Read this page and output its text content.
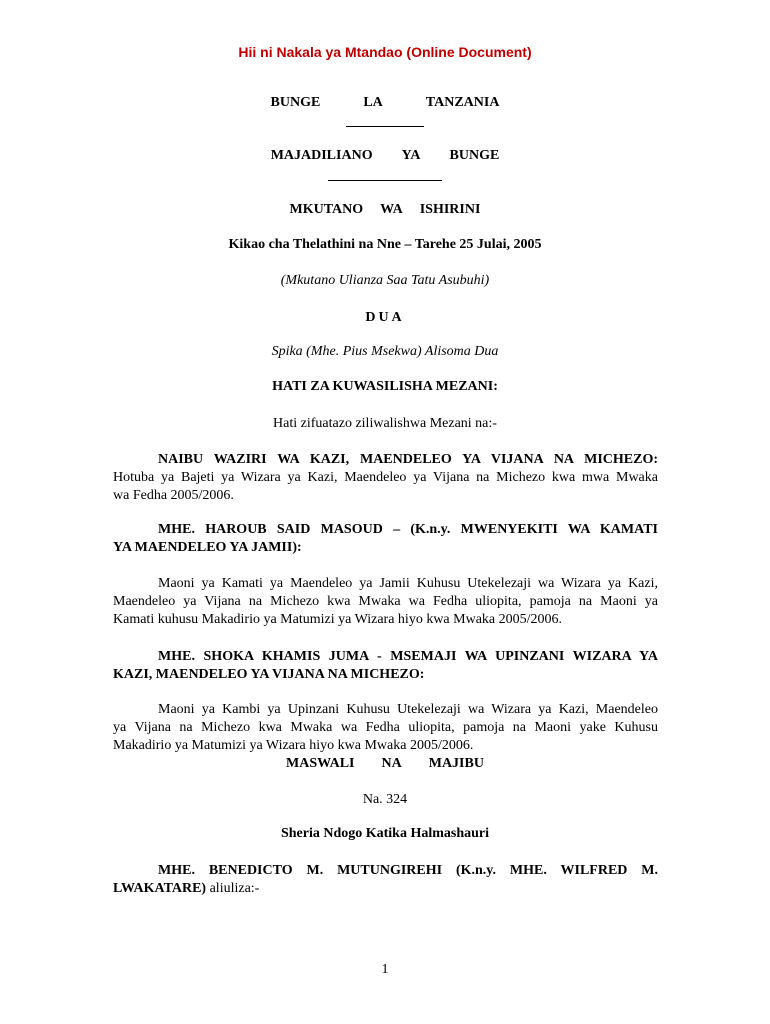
Hii ni Nakala ya Mtandao (Online Document)
BUNGE	LA	TANZANIA
MAJADILIANO YA BUNGE
MKUTANO WA ISHIRINI
Kikao cha Thelathini na Nne – Tarehe 25 Julai, 2005
(Mkutano Ulianza Saa Tatu Asubuhi)
DUA
Spika (Mhe. Pius Msekwa) Alisoma Dua
HATI ZA KUWASILISHA MEZANI:
Hati zifuatazo ziliwalishwa Mezani na:-
NAIBU WAZIRI WA KAZI, MAENDELEO YA VIJANA NA MICHEZO:
Hotuba ya Bajeti ya Wizara ya Kazi, Maendeleo ya Vijana na Michezo kwa mwa Mwaka
wa Fedha 2005/2006.
MHE. HAROUB SAID MASOUD – (K.n.y. MWENYEKITI WA KAMATI
YA MAENDELEO YA JAMII):
Maoni ya Kamati ya Maendeleo ya Jamii Kuhusu Utekelezaji wa Wizara ya Kazi,
Maendeleo ya Vijana na Michezo kwa Mwaka wa Fedha uliopita, pamoja na Maoni ya
Kamati kuhusu Makadirio ya Matumizi ya Wizara hiyo kwa Mwaka 2005/2006.
MHE. SHOKA KHAMIS JUMA - MSEMAJI WA UPINZANI WIZARA YA
KAZI, MAENDELEO YA VIJANA NA MICHEZO:
Maoni ya Kambi ya Upinzani Kuhusu Utekelezaji wa Wizara ya Kazi, Maendeleo
ya Vijana na Michezo kwa Mwaka wa Fedha uliopita, pamoja na Maoni yake Kuhusu
Makadirio ya Matumizi ya Wizara hiyo kwa Mwaka 2005/2006.
MASWALI NA MAJIBU
Na. 324
Sheria Ndogo Katika Halmashauri
MHE. BENEDICTO M. MUTUNGIREHI (K.n.y. MHE. WILFRED M.
LWAKATARE) aliuliza:-
1
